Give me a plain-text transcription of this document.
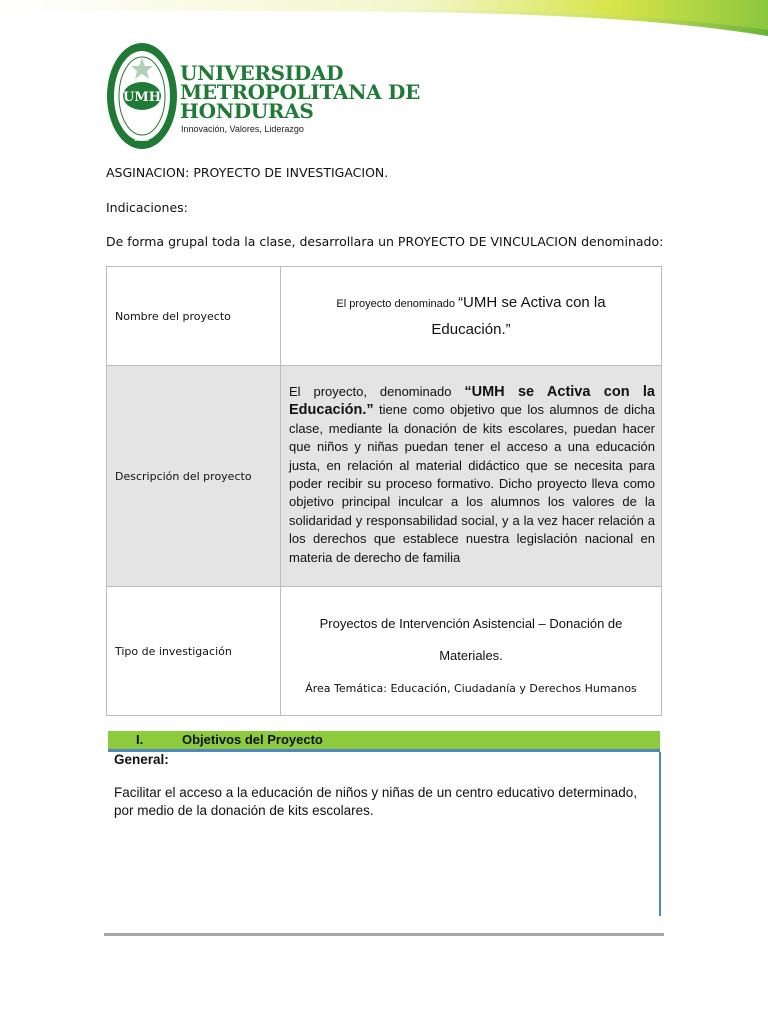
UMH
2002
UNIVERSIDAD
METROPOLITANA DE
HONDURAS
Innovación, Valores, Liderazgo
ASGINACION: PROYECTO DE INVESTIGACION.
Indicaciones:
De forma grupal toda la clase, desarrollara un PROYECTO DE VINCULACION denominado:
Nombre del proyecto	El proyecto denominado “UMH se Activa con la
Educación.”
Descripción del proyecto	El proyecto, denominado “UMH se Activa con la Educación.” tiene como objetivo que los alumnos de dicha clase, mediante la donación de kits escolares, puedan hacer que niños y niñas puedan tener el acceso a una educación justa, en relación al material didáctico que se necesita para poder recibir su proceso formativo. Dicho proyecto lleva como objetivo principal inculcar a los alumnos los valores de la solidaridad y responsabilidad social, y a la vez hacer relación a los derechos que establece nuestra legislación nacional en materia de derecho de familia
Tipo de investigación	Proyectos de Intervención Asistencial – Donación de
Materiales.
Área Temática: Educación, Ciudadanía y Derechos Humanos
I.	Objetivos del Proyecto
General:
Facilitar el acceso a la educación de niños y niñas de un centro educativo determinado, por medio de la donación de kits escolares.
